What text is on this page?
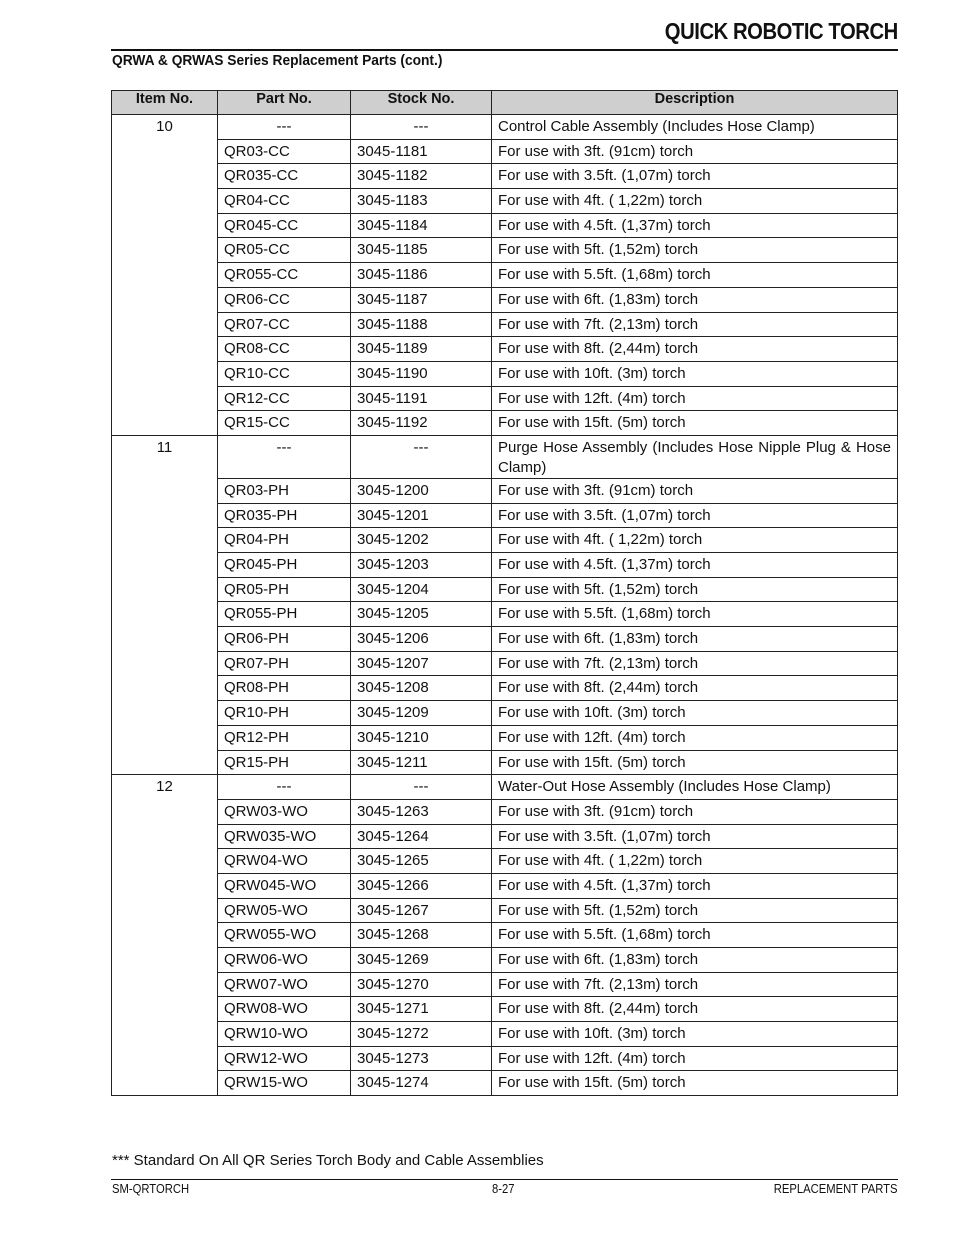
QUICK ROBOTIC TORCH
QRWA & QRWAS Series Replacement Parts (cont.)
Item No.	Part No.	Stock No.	Description
10	---	---	Control Cable Assembly (Includes Hose Clamp)
	QR03-CC	3045-1181	For use with 3ft. (91cm) torch
	QR035-CC	3045-1182	For use with 3.5ft. (1,07m) torch
	QR04-CC	3045-1183	For use with 4ft. ( 1,22m) torch
	QR045-CC	3045-1184	For use with 4.5ft. (1,37m) torch
	QR05-CC	3045-1185	For use with 5ft. (1,52m) torch
	QR055-CC	3045-1186	For use with 5.5ft. (1,68m) torch
	QR06-CC	3045-1187	For use with 6ft. (1,83m) torch
	QR07-CC	3045-1188	For use with 7ft. (2,13m) torch
	QR08-CC	3045-1189	For use with 8ft. (2,44m) torch
	QR10-CC	3045-1190	For use with 10ft. (3m) torch
	QR12-CC	3045-1191	For use with 12ft. (4m) torch
	QR15-CC	3045-1192	For use with 15ft. (5m) torch
11	---	---	Purge Hose Assembly (Includes Hose Nipple Plug & Hose Clamp)
	QR03-PH	3045-1200	For use with 3ft. (91cm) torch
	QR035-PH	3045-1201	For use with 3.5ft. (1,07m) torch
	QR04-PH	3045-1202	For use with 4ft. ( 1,22m) torch
	QR045-PH	3045-1203	For use with 4.5ft. (1,37m) torch
	QR05-PH	3045-1204	For use with 5ft. (1,52m) torch
	QR055-PH	3045-1205	For use with 5.5ft. (1,68m) torch
	QR06-PH	3045-1206	For use with 6ft. (1,83m) torch
	QR07-PH	3045-1207	For use with 7ft. (2,13m) torch
	QR08-PH	3045-1208	For use with 8ft. (2,44m) torch
	QR10-PH	3045-1209	For use with 10ft. (3m) torch
	QR12-PH	3045-1210	For use with 12ft. (4m) torch
	QR15-PH	3045-1211	For use with 15ft. (5m) torch
12	---	---	Water-Out Hose Assembly (Includes Hose Clamp)
	QRW03-WO	3045-1263	For use with 3ft. (91cm) torch
	QRW035-WO	3045-1264	For use with 3.5ft. (1,07m) torch
	QRW04-WO	3045-1265	For use with 4ft. ( 1,22m) torch
	QRW045-WO	3045-1266	For use with 4.5ft. (1,37m) torch
	QRW05-WO	3045-1267	For use with 5ft. (1,52m) torch
	QRW055-WO	3045-1268	For use with 5.5ft. (1,68m) torch
	QRW06-WO	3045-1269	For use with 6ft. (1,83m) torch
	QRW07-WO	3045-1270	For use with 7ft. (2,13m) torch
	QRW08-WO	3045-1271	For use with 8ft. (2,44m) torch
	QRW10-WO	3045-1272	For use with 10ft. (3m) torch
	QRW12-WO	3045-1273	For use with 12ft. (4m) torch
	QRW15-WO	3045-1274	For use with 15ft. (5m) torch
*** Standard On All QR Series Torch Body and Cable Assemblies
SM-QRTORCH	8-27	REPLACEMENT PARTS
